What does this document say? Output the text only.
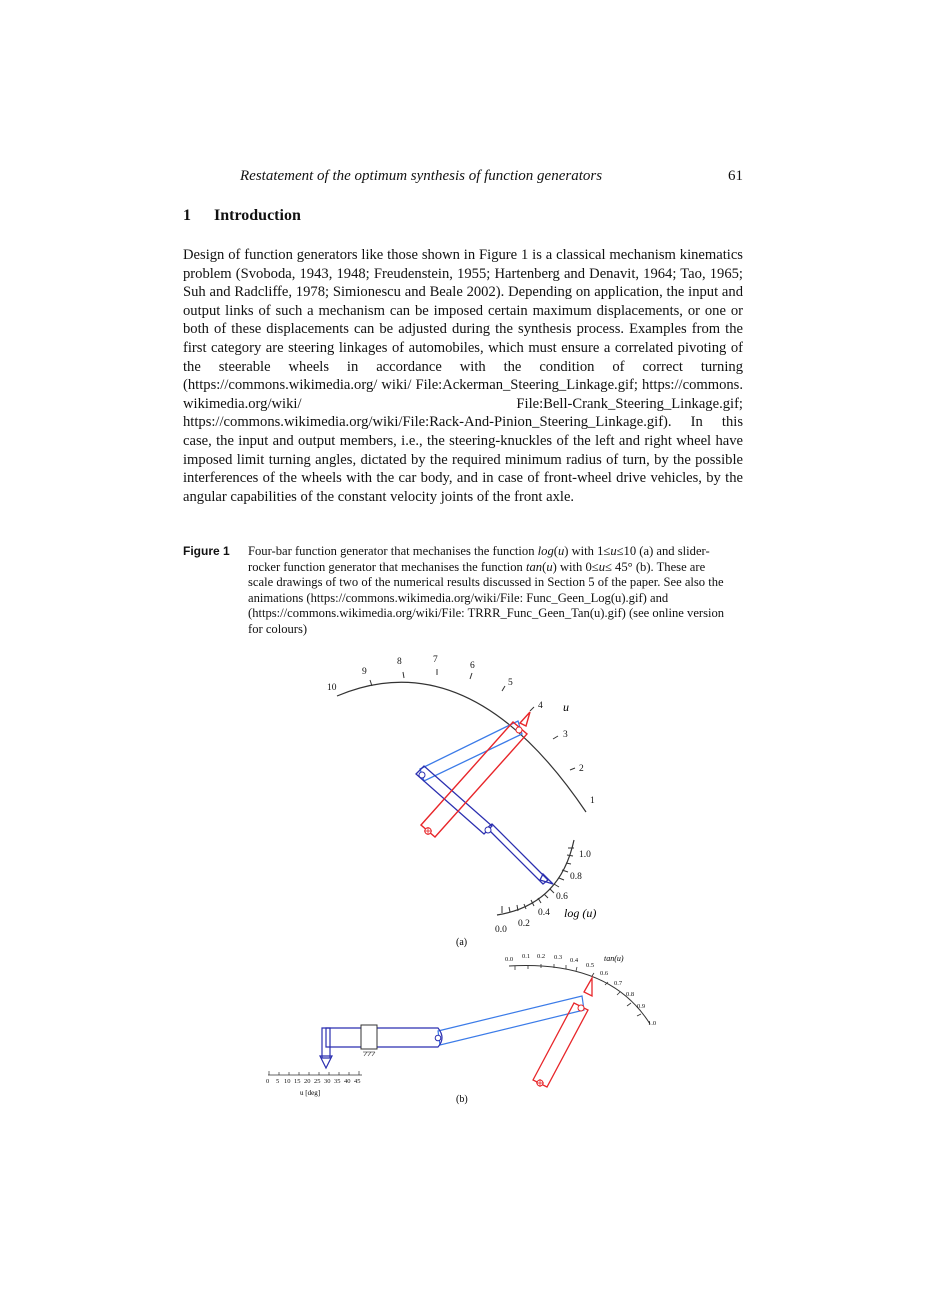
Restatement of the optimum synthesis of function generators	61
1 Introduction
Design of function generators like those shown in Figure 1 is a classical mechanism kinematics problem (Svoboda, 1943, 1948; Freudenstein, 1955; Hartenberg and Denavit, 1964; Tao, 1965; Suh and Radcliffe, 1978; Simionescu and Beale 2002). Depending on application, the input and output links of such a mechanism can be imposed certain maximum displacements, or one or both of these displacements can be adjusted during the synthesis process. Examples from the first category are steering linkages of automobiles, which must ensure a correlated pivoting of the steerable wheels in accordance with the condition of correct turning (https://commons.wikimedia.org/ wiki/ File:Ackerman_Steering_Linkage.gif; https://commons. wikimedia.org/wiki/ File:Bell-Crank_Steering_Linkage.gif; https://commons.wikimedia.org/wiki/File:Rack-And-Pinion_Steering_Linkage.gif). In this case, the input and output members, i.e., the steering-knuckles of the left and right wheel have imposed limit turning angles, dictated by the required minimum radius of turn, by the possible interferences of the wheels with the car body, and in case of front-wheel drive vehicles, by the angular capabilities of the constant velocity joints of the front axle.
Figure 1 Four-bar function generator that mechanises the function log(u) with 1≤u≤10 (a) and slider-rocker function generator that mechanises the function tan(u) with 0≤u≤ 45° (b). These are scale drawings of two of the numerical results discussed in Section 5 of the paper. See also the animations (https://commons.wikimedia.org/wiki/File: Func_Geen_Log(u).gif) and (https://commons.wikimedia.org/wiki/File: TRRR_Func_Geen_Tan(u).gif) (see online version for colours)
10
9
8	7
6
5
4
3
2
1
u
0.0
0.2
0.4
0.6
0.8
1.0
log (u)
(a)
0.0 0.1 0.2 0.3 0.4
0.5
0.6
0.7
0.8
0.9
1.0
tan(u)
0 5 10 15 20 25 30 35 40 45
u [deg]
(b)
